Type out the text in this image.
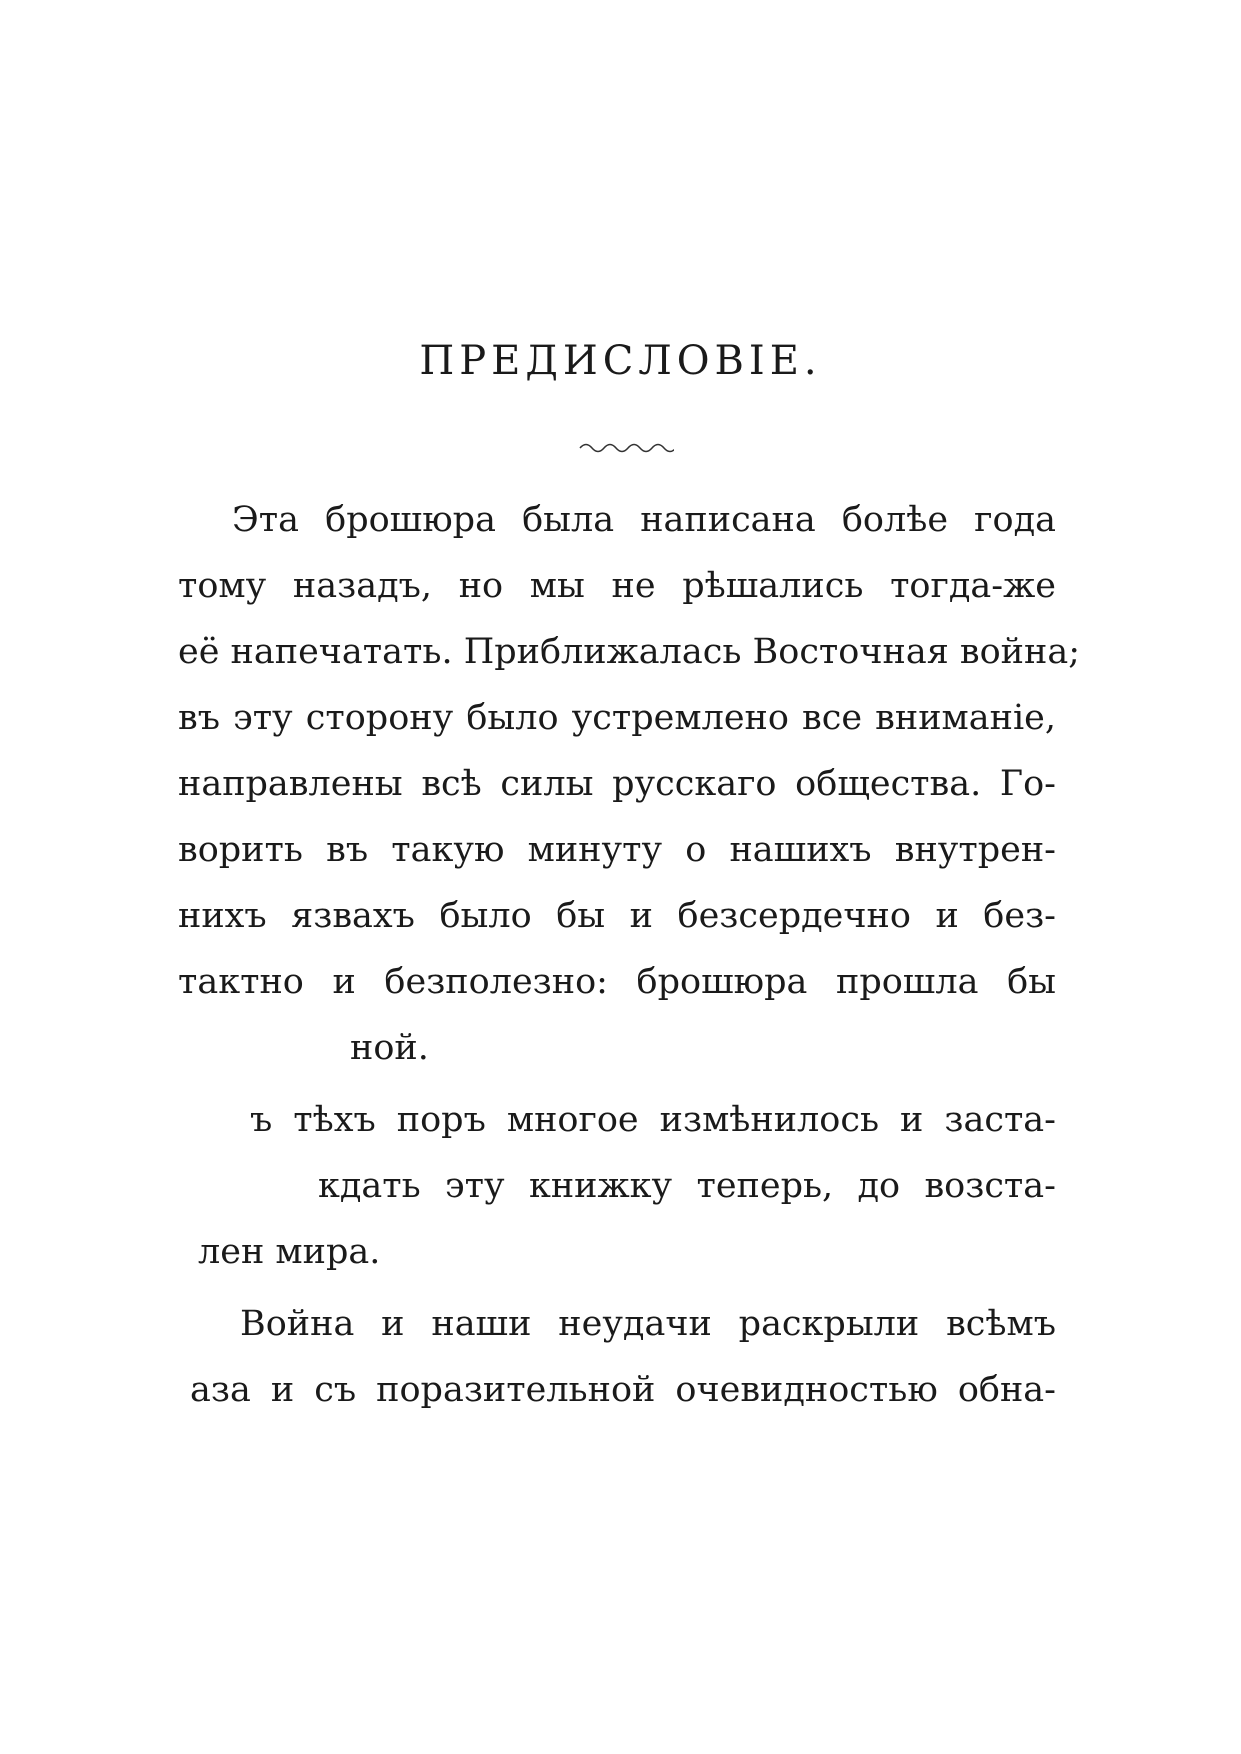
ПРЕДИСЛОВІЕ.

Эта брошюра была написана болѣе года

тому назадъ, но мы не рѣшались тогда-же

её напечатать. Приближалась Восточная война;

въ эту сторону было устремлено все вниманіе,

направлены всѣ силы русскаго общества. Го-

ворить въ такую минуту о нашихъ внутрен-

нихъ язвахъ было бы и безсердечно и без-

тактно и безполезно: брошюра прошла бы

ной.

ъ тѣхъ поръ многое измѣнилось и заста-

кдать эту книжку теперь, до возста-

лен мира.

Война и наши неудачи раскрыли всѣмъ

аза и съ поразительной очевидностью обна-
